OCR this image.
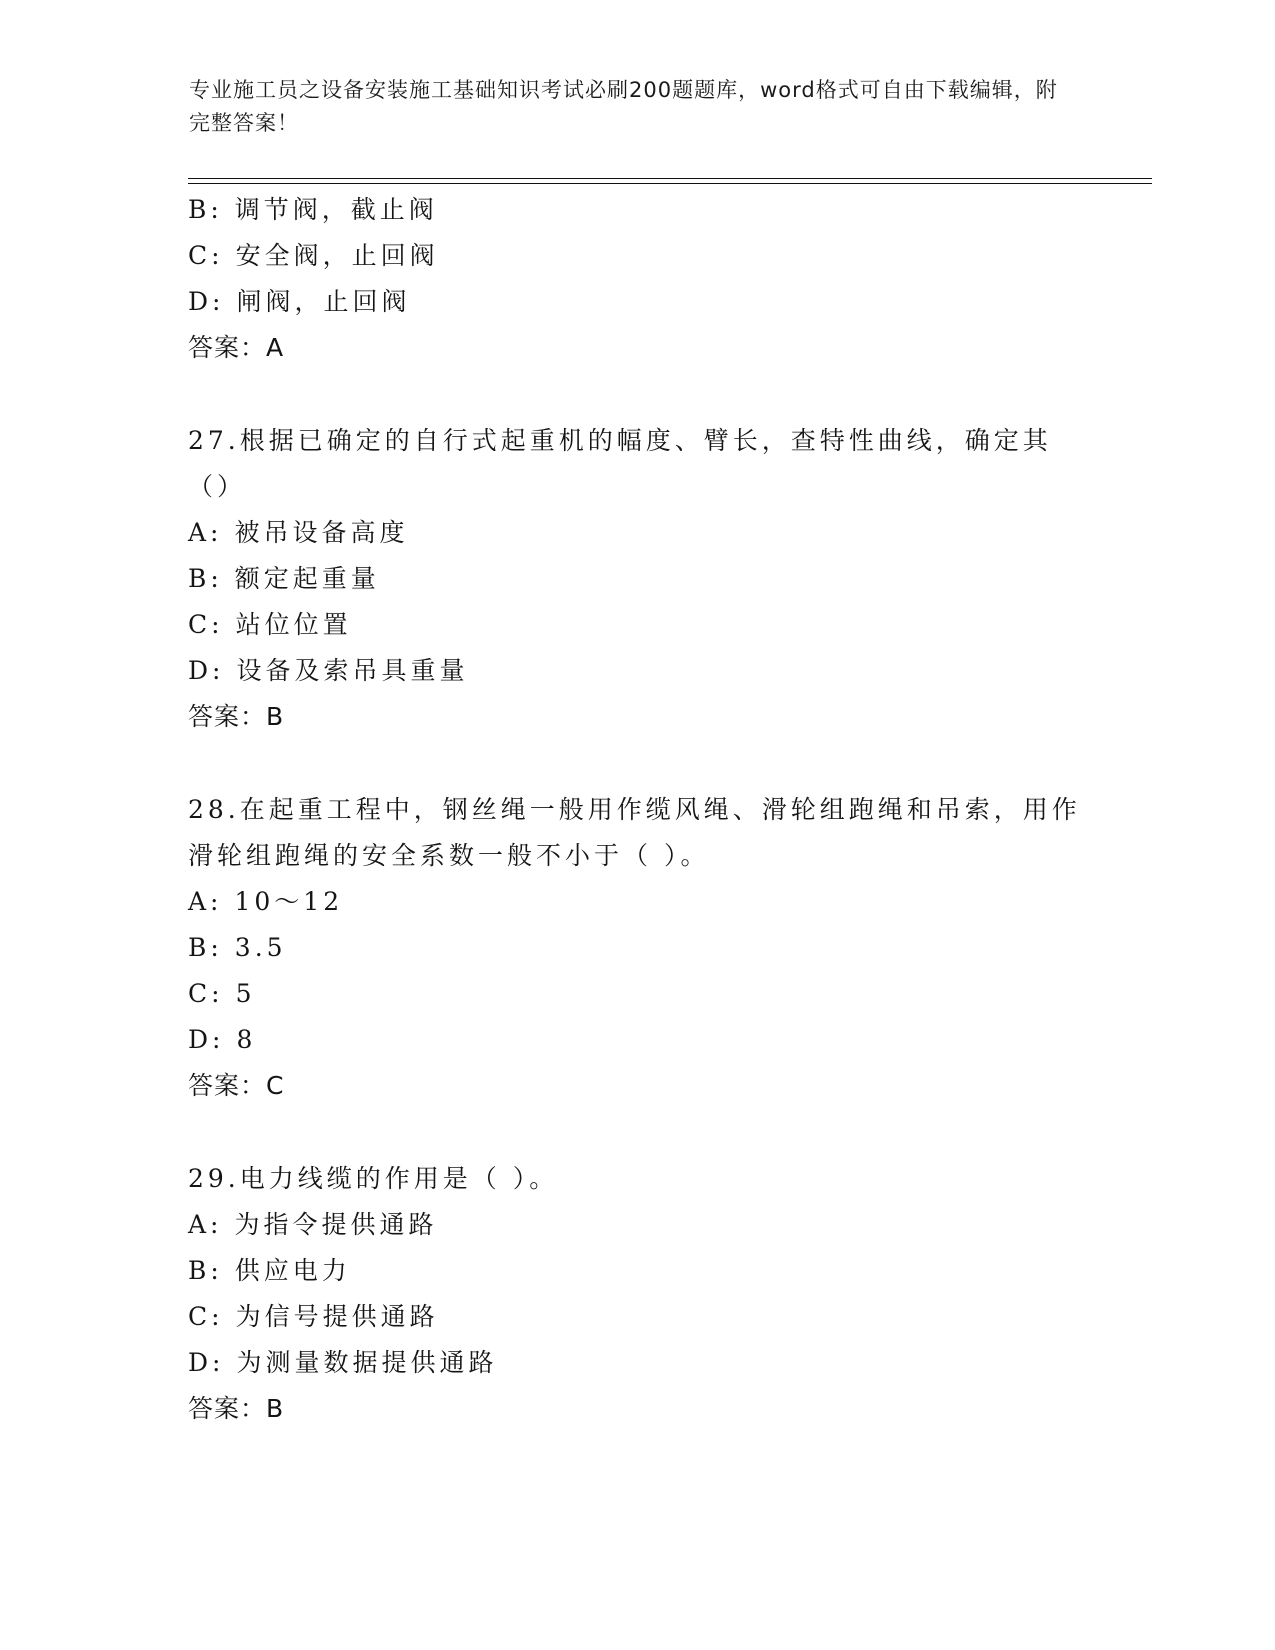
专业施工员之设备安装施工基础知识考试必刷200题题库，word格式可自由下载编辑，附完整答案！
B: 调节阀，截止阀
C: 安全阀，止回阀
D: 闸阀，止回阀
答案：A
27.根据已确定的自行式起重机的幅度、臂长，查特性曲线，确定其（）
A: 被吊设备高度
B: 额定起重量
C: 站位位置
D: 设备及索吊具重量
答案：B
28.在起重工程中，钢丝绳一般用作缆风绳、滑轮组跑绳和吊索，用作滑轮组跑绳的安全系数一般不小于（ ）。
A: 10～12
B: 3.5
C: 5
D: 8
答案：C
29.电力线缆的作用是（ ）。
A: 为指令提供通路
B: 供应电力
C: 为信号提供通路
D: 为测量数据提供通路
答案：B
